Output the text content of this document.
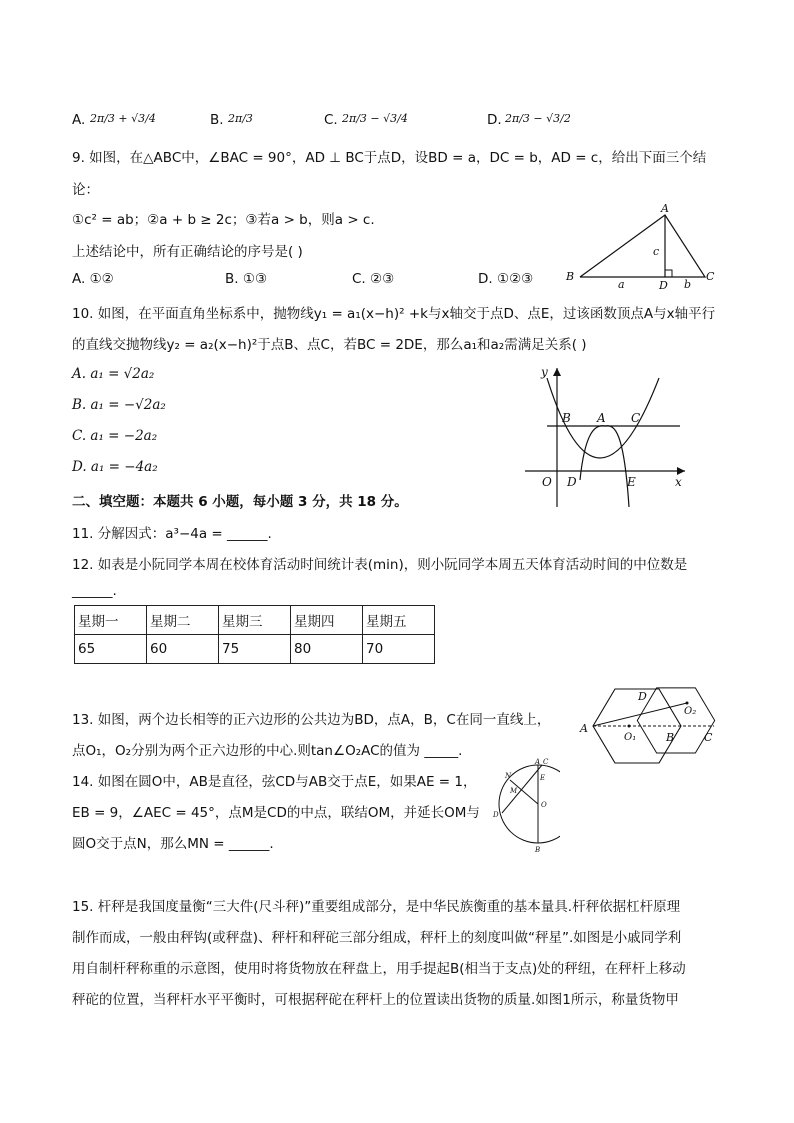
A. 2π/3 + √3/4	B. 2π/3	C. 2π/3 − √3/4	D. 2π/3 − √3/2
9. 如图，在△ABC中，∠BAC = 90°，AD ⊥ BC于点D，设BD = a，DC = b，AD = c，给出下面三个结
论：
①c² = ab；②a + b ≥ 2c；③若a > b，则a > c.
上述结论中，所有正确结论的序号是( )
A. ①②	B. ①③	C. ②③	D. ①②③
A
B	C
D
a	b
c
10. 如图，在平面直角坐标系中，抛物线y₁ = a₁(x−h)² +k与x轴交于点D、点E，过该函数顶点A与x轴平行
的直线交抛物线y₂ = a₂(x−h)²于点B、点C，若BC = 2DE，那么a₁和a₂需满足关系( )
A. a₁ = √2a₂
B. a₁ = −√2a₂
C. a₁ = −2a₂
D. a₁ = −4a₂
y
x
O
B A C
D	E
二、填空题：本题共 6 小题，每小题 3 分，共 18 分。
11. 分解因式：a³−4a = ______.
12. 如表是小阮同学本周在校体育活动时间统计表(min)，则小阮同学本周五天体育活动时间的中位数是
______.
星期一	星期二	星期三	星期四	星期五
65	60	75	80	70
13. 如图，两个边长相等的正六边形的公共边为BD，点A，B，C在同一直线上，
点O₁，O₂分别为两个正六边形的中心.则tan∠O₂AC的值为 _____.
A
B	C
D
O₁
O₂
14. 如图在圆O中，AB是直径，弦CD与AB交于点E，如果AE = 1，
EB = 9，∠AEC = 45°，点M是CD的中点，联结OM，并延长OM与
圆O交于点N，那么MN = ______.
A C
N	E
M
O
D
B
15. 杆秤是我国度量衡“三大件(尺斗秤)”重要组成部分，是中华民族衡重的基本量具.杆秤依据杠杆原理
制作而成，一般由秤钩(或秤盘)、秤杆和秤砣三部分组成，秤杆上的刻度叫做“秤星”.如图是小戚同学利
用自制杆秤称重的示意图，使用时将货物放在秤盘上，用手提起B(相当于支点)处的秤纽，在秤杆上移动
秤砣的位置，当秤杆水平平衡时，可根据秤砣在秤杆上的位置读出货物的质量.如图1所示，称量货物甲
